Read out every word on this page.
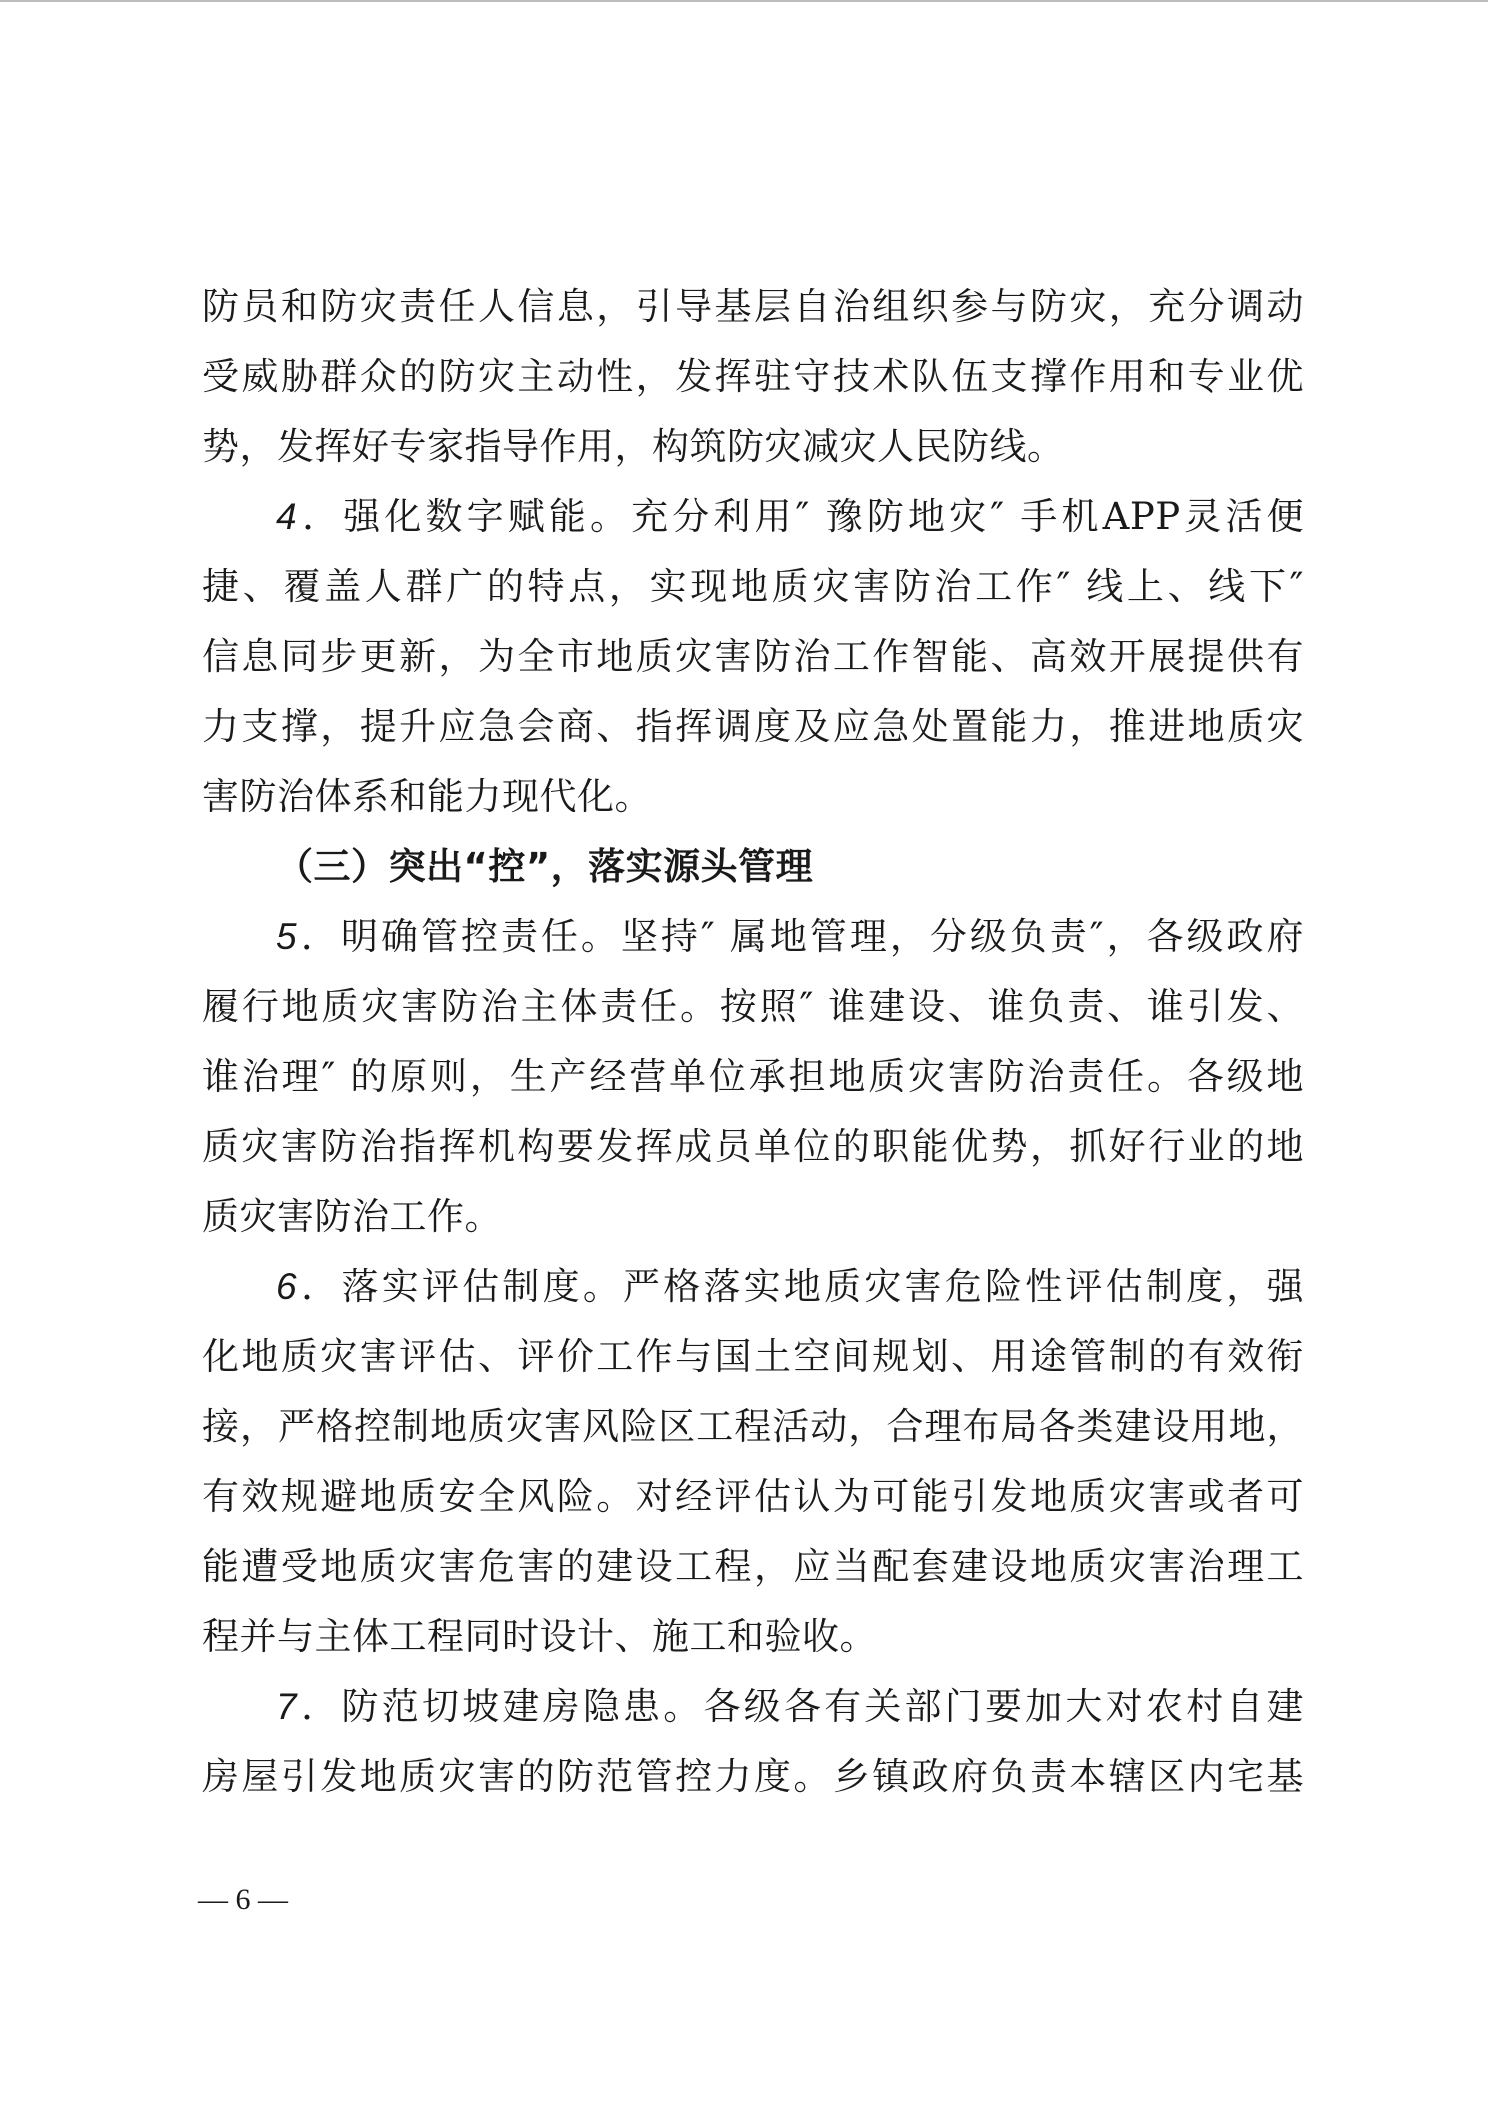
防员和防灾责任人信息，引导基层自治组织参与防灾，充分调动
受威胁群众的防灾主动性，发挥驻守技术队伍支撑作用和专业优
势，发挥好专家指导作用，构筑防灾减灾人民防线。
4．强化数字赋能。充分利用″ 豫防地灾″ 手机APP灵活便
捷、覆盖人群广的特点，实现地质灾害防治工作″ 线上、线下″
信息同步更新，为全市地质灾害防治工作智能、高效开展提供有
力支撑，提升应急会商、指挥调度及应急处置能力，推进地质灾
害防治体系和能力现代化。
（三）突出“控”，落实源头管理
5．明确管控责任。坚持″ 属地管理，分级负责″，各级政府
履行地质灾害防治主体责任。按照″ 谁建设、谁负责、谁引发、
谁治理″ 的原则，生产经营单位承担地质灾害防治责任。各级地
质灾害防治指挥机构要发挥成员单位的职能优势，抓好行业的地
质灾害防治工作。
6．落实评估制度。严格落实地质灾害危险性评估制度，强
化地质灾害评估、评价工作与国土空间规划、用途管制的有效衔
接，严格控制地质灾害风险区工程活动，合理布局各类建设用地，
有效规避地质安全风险。对经评估认为可能引发地质灾害或者可
能遭受地质灾害危害的建设工程，应当配套建设地质灾害治理工
程并与主体工程同时设计、施工和验收。
7．防范切坡建房隐患。各级各有关部门要加大对农村自建
房屋引发地质灾害的防范管控力度。乡镇政府负责本辖区内宅基
— 6 —
